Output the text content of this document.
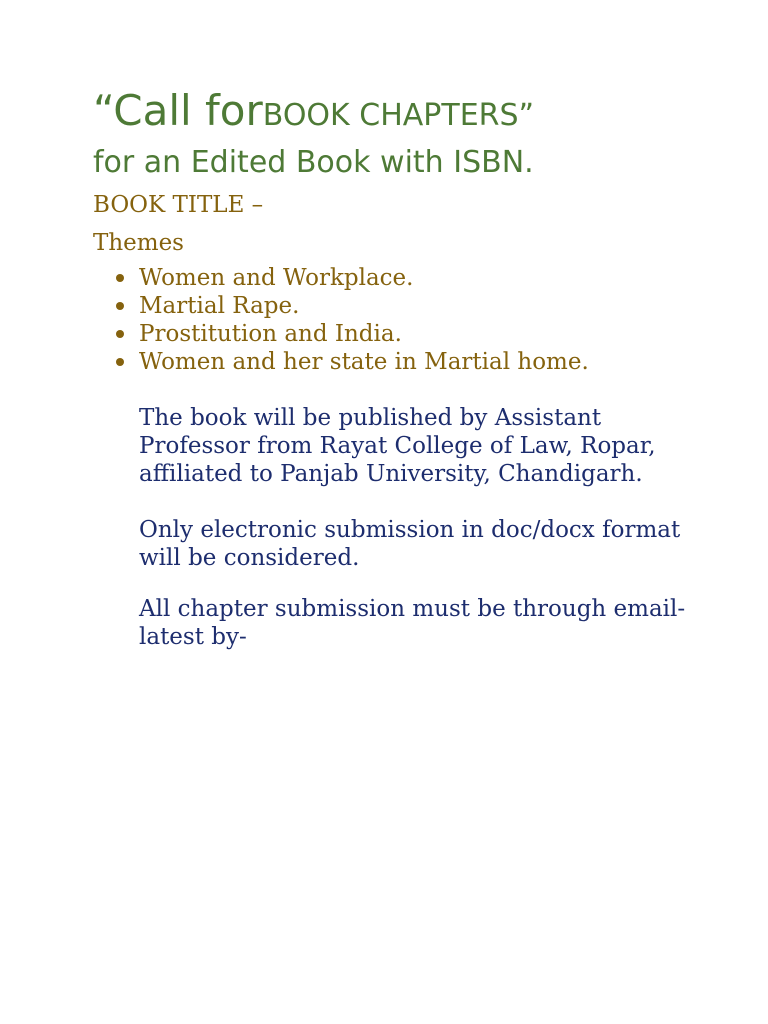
“Call forBOOK CHAPTERS”

for an Edited Book with ISBN.

BOOK TITLE –

Themes

Women and Workplace.
Martial Rape.
Prostitution and India.
Women and her state in Martial home.

The book will be published by Assistant Professor from Rayat College of Law, Ropar, affiliated to Panjab University, Chandigarh.

Only electronic submission in doc/docx format will be considered.

All chapter submission must be through email- latest by-
